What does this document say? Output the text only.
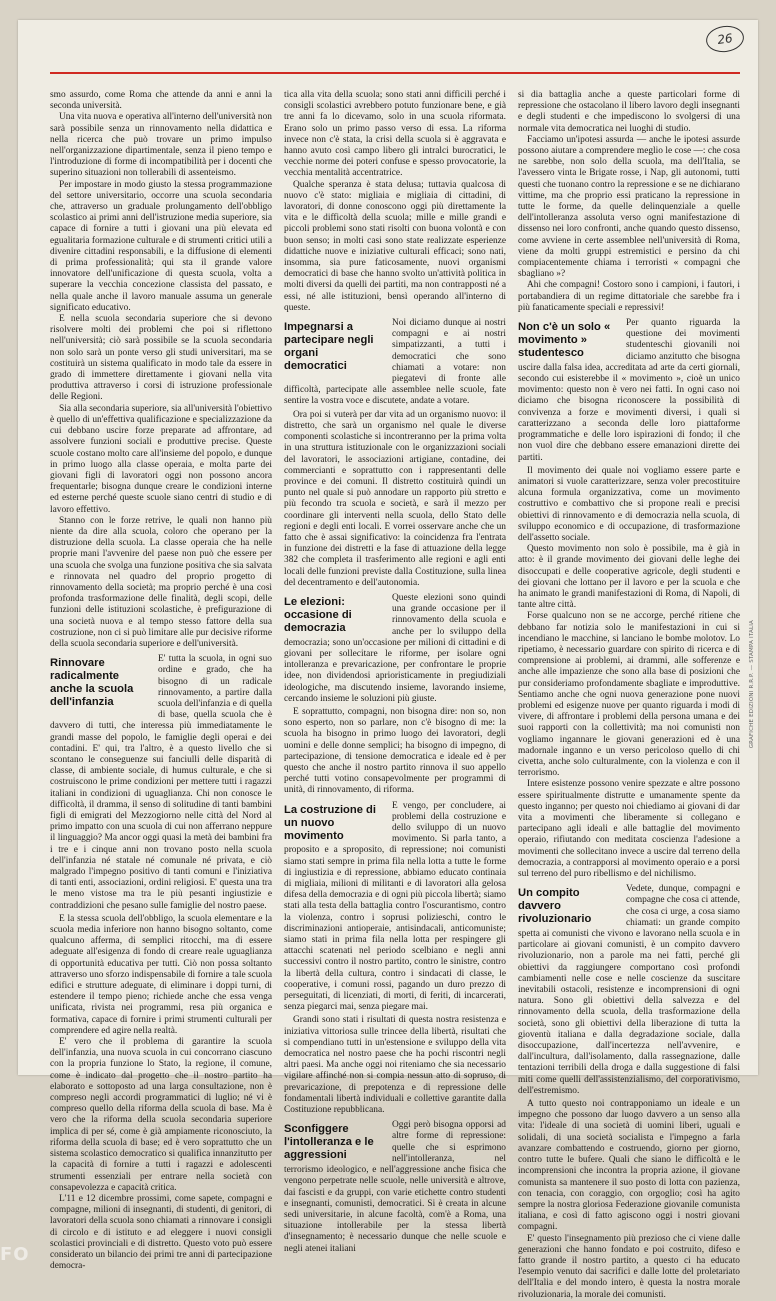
26
GRAFICHE EDIZIONI R.R.P. — STAMPA ITALIA

smo assurdo, come Roma che attende da anni e anni la seconda università.

Una vita nuova e operativa all'interno dell'università non sarà possibile senza un rinnovamento nella didattica e nella ricerca che può trovare un primo impulso nell'organizzazione dipartimentale, senza il pieno tempo e l'introduzione di forme di incompatibilità per i docenti che superino situazioni non tollerabili di assenteismo.

Per impostare in modo giusto la stessa programmazione del settore universitario, occorre una scuola secondaria che, attraverso un graduale prolungamento dell'obbligo scolastico ai primi anni dell'istruzione media superiore, sia capace di fornire a tutti i giovani una più elevata ed egualitaria formazione culturale e di strumenti critici utili a divenire cittadini responsabili, e la diffusione di elementi di prima professionalità; qui sta il grande valore innovatore dell'unificazione di questa scuola, volta a superare la vecchia concezione classista del passato, e nella quale anche il lavoro manuale assuma un generale significato educativo.

E nella scuola secondaria superiore che si devono risolvere molti dei problemi che poi si riflettono nell'università; ciò sarà possibile se la scuola secondaria non solo sarà un ponte verso gli studi universitari, ma se costituirà un sistema qualificato in modo tale da essere in grado di immettere direttamente i giovani nella vita produttiva attraverso i corsi di istruzione professionale delle Regioni.

Sia alla secondaria superiore, sia all'università l'obiettivo è quello di un'effettiva qualificazione e specializzazione da cui debbano uscire forze preparate ad affrontare, ad assolvere funzioni sociali e produttive precise. Queste scuole costano molto care all'insieme del popolo, e dunque in primo luogo alla classe operaia, e molta parte dei giovani figli di lavoratori oggi non possono ancora frequentarle; bisogna dunque creare le condizioni interne ed esterne perché queste scuole siano centri di studio e di lavoro effettivo.

Stanno con le forze retrive, le quali non hanno più niente da dire alla scuola, coloro che operano per la distruzione della scuola. La classe operaia che ha nelle proprie mani l'avvenire del paese non può che essere per una scuola che svolga una funzione positiva che sia salvata e rinnovata nel quadro del proprio progetto di rinnovamento della società; ma proprio perché è una così profonda trasformazione delle finalità, degli scopi, delle funzioni delle istituzioni scolastiche, è prefigurazione di una società nuova e al tempo stesso fattore della sua costruzione, non ci si può limitare alle pur decisive riforme della scuola secondaria superiore e dell'università.

Rinnovare radicalmente anche la scuola dell'infanzia

E' tutta la scuola, in ogni suo ordine e grado, che ha bisogno di un radicale rinnovamento, a partire dalla scuola dell'infanzia e di quella di base, quella scuola che è davvero di tutti, che interessa più immediatamente le grandi masse del popolo, le famiglie degli operai e dei contadini. E' qui, tra l'altro, è a questo livello che si scontano le conseguenze sui fanciulli delle disparità di classe, di ambiente sociale, di humus culturale, e che si costruiscono le prime condizioni per mettere tutti i ragazzi italiani in condizioni di uguaglianza. Chi non conosce le difficoltà, il dramma, il senso di solitudine di tanti bambini figli di emigrati del Mezzogiorno nelle città del Nord al primo impatto con una scuola di cui non afferrano neppure il linguaggio? Ma ancor oggi quasi la metà dei bambini fra i tre e i cinque anni non trovano posto nella scuola dell'infanzia né statale né comunale né privata, e ciò malgrado l'impegno positivo di tanti comuni e l'iniziativa di tanti enti, associazioni, ordini religiosi. E' questa una tra le meno vistose ma tra le più pesanti ingiustizie e contraddizioni che pesano sulle famiglie del nostro paese.

E la stessa scuola dell'obbligo, la scuola elementare e la scuola media inferiore non hanno bisogno soltanto, come qualcuno afferma, di semplici ritocchi, ma di essere adeguate all'esigenza di fondo di creare reale uguaglianza di opportunità educativa per tutti. Ciò non possa soltanto attraverso uno sforzo indispensabile di fornire a tale scuola edifici e strutture adeguate, di eliminare i doppi turni, di estendere il tempo pieno; richiede anche che essa venga unificata, rivista nei programmi, resa più organica e formativa, capace di fornire i primi strumenti culturali per comprendere ed agire nella realtà.

E' vero che il problema di garantire la scuola dell'infanzia, una nuova scuola in cui concorrano ciascuno con la propria funzione lo Stato, la regione, il comune, come è indicato dal progetto che il nostro partito ha elaborato e sottoposto ad una larga consultazione, non è compreso negli accordi programmatici di luglio; né vi è compreso quello della riforma della scuola di base. Ma è vero che la riforma della scuola secondaria superiore implica di per sé, come è già ampiamente riconosciuto, la riforma della scuola di base; ed è vero soprattutto che un sistema scolastico democratico si qualifica innanzitutto per la capacità di fornire a tutti i ragazzi e adolescenti strumenti essenziali per entrare nella società con consapevolezza e capacità critica.

L'11 e 12 dicembre prossimi, come sapete, compagni e compagne, milioni di insegnanti, di studenti, di genitori, di lavoratori della scuola sono chiamati a rinnovare i consigli di circolo e di istituto e ad eleggere i nuovi consigli scolastici provinciali e di distretto. Questo voto può essere considerato un bilancio dei primi tre anni di partecipazione democra-

tica alla vita della scuola; sono stati anni difficili perché i consigli scolastici avrebbero potuto funzionare bene, e già tre anni fa lo dicevamo, solo in una scuola riformata. Erano solo un primo passo verso di essa. La riforma invece non c'è stata, la crisi della scuola si è aggravata e hanno avuto così campo libero gli intralci burocratici, le vecchie norme dei poteri confuse e spesso provocatorie, la vecchia mentalità accentratrice.

Qualche speranza è stata delusa; tuttavia qualcosa di nuovo c'è stato: migliaia e migliaia di cittadini, di lavoratori, di donne conoscono oggi più direttamente la vita e le difficoltà della scuola; mille e mille grandi e piccoli problemi sono stati risolti con buona volontà e con buon senso; in molti casi sono state realizzate esperienze didattiche nuove e iniziative culturali efficaci; sono nati, insomma, sia pure faticosamente, nuovi organismi democratici di base che hanno svolto un'attività politica in molti diversi da quelli dei partiti, ma non contrapposti né a essi, né alle istituzioni, bensì operando all'interno di queste.

Impegnarsi a partecipare negli organi democratici

Noi diciamo dunque ai nostri compagni e ai nostri simpatizzanti, a tutti i democratici che sono chiamati a votare: non piegatevi di fronte alle difficoltà, partecipate alle assemblee nelle scuole, fate sentire la vostra voce e discutete, andate a votare.

Ora poi si vuterà per dar vita ad un organismo nuovo: il distretto, che sarà un organismo nel quale le diverse componenti scolastiche si incontreranno per la prima volta in una struttura istituzionale con le organizzazioni sociali del lavoratori, le associazioni artigiane, contadine, dei commercianti e soprattutto con i rappresentanti delle province e dei comuni. Il distretto costituirà quindi un punto nel quale si può annodare un rapporto più stretto e più fecondo tra scuola e società, e sarà il mezzo per coordinare gli interventi nella scuola, dello Stato delle regioni e degli enti locali. E vorrei osservare anche che un fatto che è assai significativo: la coincidenza fra l'entrata in funzione dei distretti e la fase di attuazione della legge 382 che completa il trasferimento alle regioni e agli enti locali delle funzioni previste dalla Costituzione, sulla linea del decentramento e dell'autonomia.

Le elezioni: occasione di democrazia

Queste elezioni sono quindi una grande occasione per il rinnovamento della scuola e anche per lo sviluppo della democrazia; sono un'occasione per milioni di cittadini e di giovani per sollecitare le riforme, per isolare ogni intolleranza e prevaricazione, per confrontare le proprie idee, non dividendosi aprioristicamente in pregiudiziali ideologiche, ma discutendo insieme, lavorando insieme, cercando insieme le soluzioni più giuste.

E soprattutto, compagni, non bisogna dire: non so, non sono esperto, non so parlare, non c'è bisogno di me: la scuola ha bisogno in primo luogo dei lavoratori, degli uomini e delle donne semplici; ha bisogno di impegno, di partecipazione, di tensione democratica e ideale ed è per questo che anche il nostro partito rinnova il suo appello perché tutti votino consapevolmente per programmi di unità, di rinnovamento, di riforma.

La costruzione di un nuovo movimento

E vengo, per concludere, ai problemi della costruzione e dello sviluppo di un nuovo movimento. Si parla tanto, a proposito e a sproposito, di repressione; noi comunisti siamo stati sempre in prima fila nella lotta a tutte le forme di ingiustizia e di repressione, abbiamo educato continaia di migliaia, milioni di militanti e di lavoratori alla gelosa difesa della democrazia e di ogni più piccola libertà; siamo stati alla testa della battaglia contro l'oscurantismo, contro la violenza, contro i soprusi polizieschi, contro le discriminazioni antioperaie, antisindacali, anticomuniste; siamo stati in prima fila nella lotta per respingere gli attacchi scatenati nel periodo scelbiano e negli anni successivi contro il nostro partito, contro le sinistre, contro la libertà della cultura, contro i sindacati di classe, le cooperative, i comuni rossi, pagando un duro prezzo di perseguitati, di licenziati, di morti, di feriti, di incarcerati, senza piegarci mai, senza piegare mai.

Grandi sono stati i risultati di questa nostra resistenza e iniziativa vittoriosa sulle trincee della libertà, risultati che si compendiano tutti in un'estensione e sviluppo della vita democratica nel nostro paese che ha pochi riscontri negli altri paesi. Ma anche oggi noi riteniamo che sia necessario vigilare affinché non si compia nessun atto di sopruso, di prevaricazione, di prepotenza e di repressione delle fondamentali libertà individuali e collettive garantite dalla Costituzione repubblicana.

Sconfiggere l'intolleranza e le aggressioni

Oggi però bisogna opporsi ad altre forme di repressione: quelle che si esprimono nell'intolleranza, nel terrorismo ideologico, e nell'aggressione anche fisica che vengono perpetrate nelle scuole, nelle università e altrove, dai fascisti e da gruppi, con varie etichette contro studenti e insegnanti, comunisti, democratici. Si è creata in alcune sedi universitarie, in alcune facoltà, com'è a Roma, una situazione intollerabile per la stessa libertà d'insegnamento; è necessario dunque che nelle scuole e negli atenei italiani

si dia battaglia anche a queste particolari forme di repressione che ostacolano il libero lavoro degli insegnanti e degli studenti e che impediscono lo svolgersi di una normale vita democratica nei luoghi di studio.

Facciamo un'ipotesi assurda — anche le ipotesi assurde possono aiutare a comprendere meglio le cose —: che cosa ne sarebbe, non solo della scuola, ma dell'Italia, se l'avessero vinta le Brigate rosse, i Nap, gli autonomi, tutti questi che tuonano contro la repressione e se ne dichiarano vittime, ma che proprio essi praticano la repressione in tutte le forme, da quelle delinquenziale a quelle dell'intolleranza assoluta verso ogni manifestazione di dissenso nei loro confronti, anche quando questo dissenso, come avviene in certe assemblee nell'università di Roma, viene da molti gruppi estremistici e persino da chi compiacentemente chiama i terroristi « compagni che sbagliano »?

Ahi che compagni! Costoro sono i campioni, i fautori, i portabandiera di un regime dittatoriale che sarebbe fra i più fanaticamente speciali e repressivi!

Non c'è un solo « movimento » studentesco

Per quanto riguarda la questione dei movimenti studenteschi giovanili noi diciamo anzitutto che bisogna uscire dalla falsa idea, accreditata ad arte da certi giornali, secondo cui esisterebbe il « movimento », cioè un unico movimento: questo non è vero nei fatti. In ogni caso noi diciamo che bisogna riconoscere la possibilità di convivenza a forze e movimenti diversi, i quali si caratterizzano a seconda delle loro piattaforme programmatiche e delle loro ispirazioni di fondo; il che non vuol dire che debbano essere emanazioni dirette dei partiti.

Il movimento dei quale noi vogliamo essere parte e animatori si vuole caratterizzare, senza voler precostituire alcuna formula organizzativa, come un movimento costruttivo e combattivo che si propone reali e precisi obiettivi di rinnovamento e di democrazia nella scuola, di sviluppo economico e di occupazione, di trasformazione dell'assetto sociale.

Questo movimento non solo è possibile, ma è già in atto: è il grande movimento dei giovani delle leghe dei disoccupati e delle cooperative agricole, degli studenti e dei giovani che lottano per il lavoro e per la scuola e che ha animato le grandi manifestazioni di Roma, di Napoli, di tante altre città.

Forse qualcuno non se ne accorge, perché ritiene che debbano far notizia solo le manifestazioni in cui si incendiano le macchine, si lanciano le bombe molotov. Lo ripetiamo, è necessario guardare con spirito di ricerca e di comprensione ai problemi, ai drammi, alle sofferenze e anche alle impazienze che sono alla base di posizioni che pur consideriamo profondamente sbagliate e improduttive. Sentiamo anche che ogni nuova generazione pone nuovi problemi ed esigenze nuove per quanto riguarda i modi di vivere, di affrontare i problemi della persona umana e dei suoi rapporti con la collettività; ma noi comunisti non vogliamo ingannare le giovani generazioni ed è una madornale inganno e un verso pericoloso quello di chi civetta, anche solo culturalmente, con la violenza e con il terrorismo.

Intere esistenze possono venire spezzate e altre possono essere spiritualmente distrutte e umanamente spente da questo inganno; per questo noi chiediamo ai giovani di dar vita a movimenti che liberamente si collegano e partecipano agli ideali e alle battaglie del movimento operaio, rifiutando con meditata coscienza l'adesione a movimenti che sollecitano invece a uscire dal terreno della democrazia, a contrapporsi al movimento operaio e a porsi sul terreno del puro ribellismo e del nichilismo.

Un compito davvero rivoluzionario

Vedete, dunque, compagni e compagne che cosa ci attende, che cosa ci urge, a cosa siamo chiamati: un grande compito spetta ai comunisti che vivono e lavorano nella scuola e in particolare ai giovani comunisti, è un compito davvero rivoluzionario, non a parole ma nei fatti, perché gli obiettivi da raggiungere comportano così profondi cambiamenti nelle cose e nelle coscienze da suscitare inevitabili ostacoli, resistenze e incomprensioni di ogni natura. Sono gli obiettivi della salvezza e del rinnovamento della scuola, della trasformazione della società, sono gli obiettivi della liberazione di tutta la gioventù italiana e dalla degradazione sociale, dalla disoccupazione, dall'incertezza nell'avvenire, e dall'incultura, dall'isolamento, dalla rassegnazione, dalle tentazioni terribili della droga e dalla suggestione di falsi miti come quelli dell'assistenzialismo, del corporativismo, dell'estremismo.

A tutto questo noi contrapponiamo un ideale e un impegno che possono dar luogo davvero a un senso alla vita: l'ideale di una società di uomini liberi, uguali e solidali, di una società socialista e l'impegno a farla avanzare combattendo e costruendo, giorno per giorno, contro tutte le bufere. Quali che siano le difficoltà e le incomprensioni che incontra la propria azione, il giovane comunista sa mantenere il suo posto di lotta con pazienza, con tenacia, con coraggio, con orgoglio; così ha agito sempre la nostra gloriosa Federazione giovanile comunista italiana, e così di fatto agiscono oggi i nostri giovani compagni.

E' questo l'insegnamento più prezioso che ci viene dalle generazioni che hanno fondato e poi costruito, difeso e fatto grande il nostro partito, a questo ci ha educato l'esempio venuto dai sacrifici e dalle lotte del proletariato dell'Italia e del mondo intero, è questa la nostra morale rivoluzionaria, la morale dei comunisti.

FO
